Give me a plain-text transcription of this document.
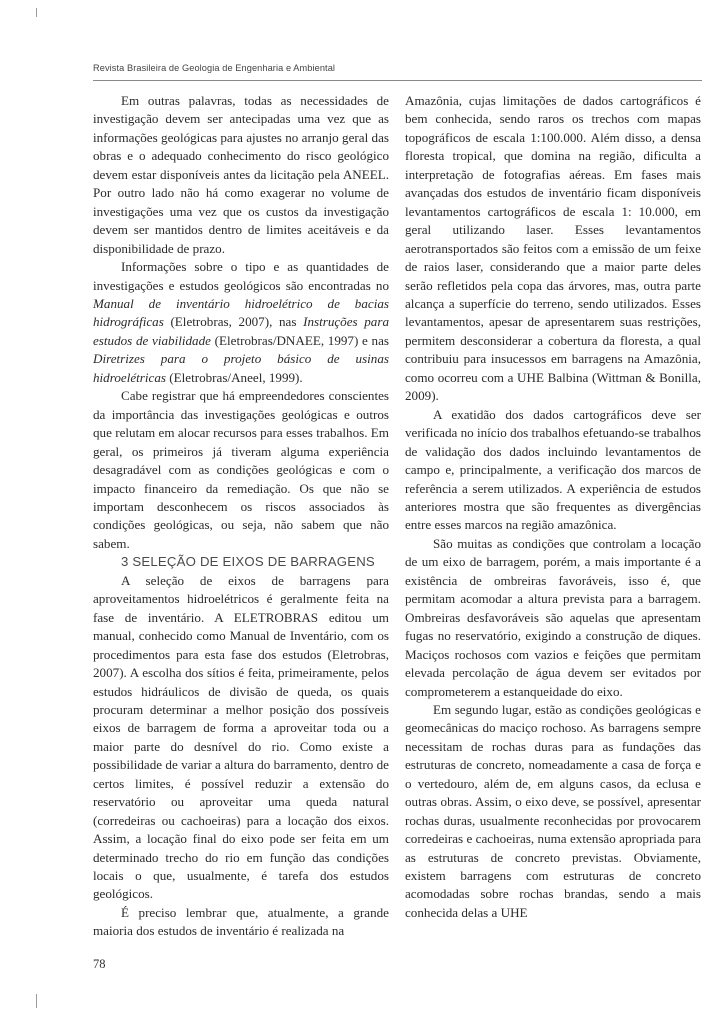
Revista Brasileira de Geologia de Engenharia e Ambiental

Em outras palavras, todas as necessidades de investigação devem ser antecipadas uma vez que as informações geológicas para ajustes no arranjo geral das obras e o adequado conhecimento do risco geológico devem estar disponíveis antes da licitação pela ANEEL. Por outro lado não há como exagerar no volume de investigações uma vez que os custos da investigação devem ser mantidos dentro de limites aceitáveis e da disponibilidade de prazo.

Informações sobre o tipo e as quantidades de investigações e estudos geológicos são encontradas no Manual de inventário hidroelétrico de bacias hidrográficas (Eletrobras, 2007), nas Instruções para estudos de viabilidade (Eletrobras/DNAEE, 1997) e nas Diretrizes para o projeto básico de usinas hidroelétricas (Eletrobras/Aneel, 1999).

Cabe registrar que há empreendedores conscientes da importância das investigações geológicas e outros que relutam em alocar recursos para esses trabalhos. Em geral, os primeiros já tiveram alguma experiência desagradável com as condições geológicas e com o impacto financeiro da remediação. Os que não se importam desconhecem os riscos associados às condições geológicas, ou seja, não sabem que não sabem.

3 SELEÇÃO DE EIXOS DE BARRAGENS

A seleção de eixos de barragens para aproveitamentos hidroelétricos é geralmente feita na fase de inventário. A ELETROBRAS editou um manual, conhecido como Manual de Inventário, com os procedimentos para esta fase dos estudos (Eletrobras, 2007). A escolha dos sítios é feita, primeiramente, pelos estudos hidráulicos de divisão de queda, os quais procuram determinar a melhor posição dos possíveis eixos de barragem de forma a aproveitar toda ou a maior parte do desnível do rio. Como existe a possibilidade de variar a altura do barramento, dentro de certos limites, é possível reduzir a extensão do reservatório ou aproveitar uma queda natural (corredeiras ou cachoeiras) para a locação dos eixos. Assim, a locação final do eixo pode ser feita em um determinado trecho do rio em função das condições locais o que, usualmente, é tarefa dos estudos geológicos.

É preciso lembrar que, atualmente, a grande maioria dos estudos de inventário é realizada na

Amazônia, cujas limitações de dados cartográficos é bem conhecida, sendo raros os trechos com mapas topográficos de escala 1:100.000. Além disso, a densa floresta tropical, que domina na região, dificulta a interpretação de fotografias aéreas. Em fases mais avançadas dos estudos de inventário ficam disponíveis levantamentos cartográficos de escala 1: 10.000, em geral utilizando laser. Esses levantamentos aerotransportados são feitos com a emissão de um feixe de raios laser, considerando que a maior parte deles serão refletidos pela copa das árvores, mas, outra parte alcança a superfície do terreno, sendo utilizados. Esses levantamentos, apesar de apresentarem suas restrições, permitem desconsiderar a cobertura da floresta, a qual contribuiu para insucessos em barragens na Amazônia, como ocorreu com a UHE Balbina (Wittman & Bonilla, 2009).

A exatidão dos dados cartográficos deve ser verificada no início dos trabalhos efetuando-se trabalhos de validação dos dados incluindo levantamentos de campo e, principalmente, a verificação dos marcos de referência a serem utilizados. A experiência de estudos anteriores mostra que são frequentes as divergências entre esses marcos na região amazônica.

São muitas as condições que controlam a locação de um eixo de barragem, porém, a mais importante é a existência de ombreiras favoráveis, isso é, que permitam acomodar a altura prevista para a barragem. Ombreiras desfavoráveis são aquelas que apresentam fugas no reservatório, exigindo a construção de diques. Maciços rochosos com vazios e feições que permitam elevada percolação de água devem ser evitados por comprometerem a estanqueidade do eixo.

Em segundo lugar, estão as condições geológicas e geomecânicas do maciço rochoso. As barragens sempre necessitam de rochas duras para as fundações das estruturas de concreto, nomeadamente a casa de força e o vertedouro, além de, em alguns casos, da eclusa e outras obras. Assim, o eixo deve, se possível, apresentar rochas duras, usualmente reconhecidas por provocarem corredeiras e cachoeiras, numa extensão apropriada para as estruturas de concreto previstas. Obviamente, existem barragens com estruturas de concreto acomodadas sobre rochas brandas, sendo a mais conhecida delas a UHE

78
